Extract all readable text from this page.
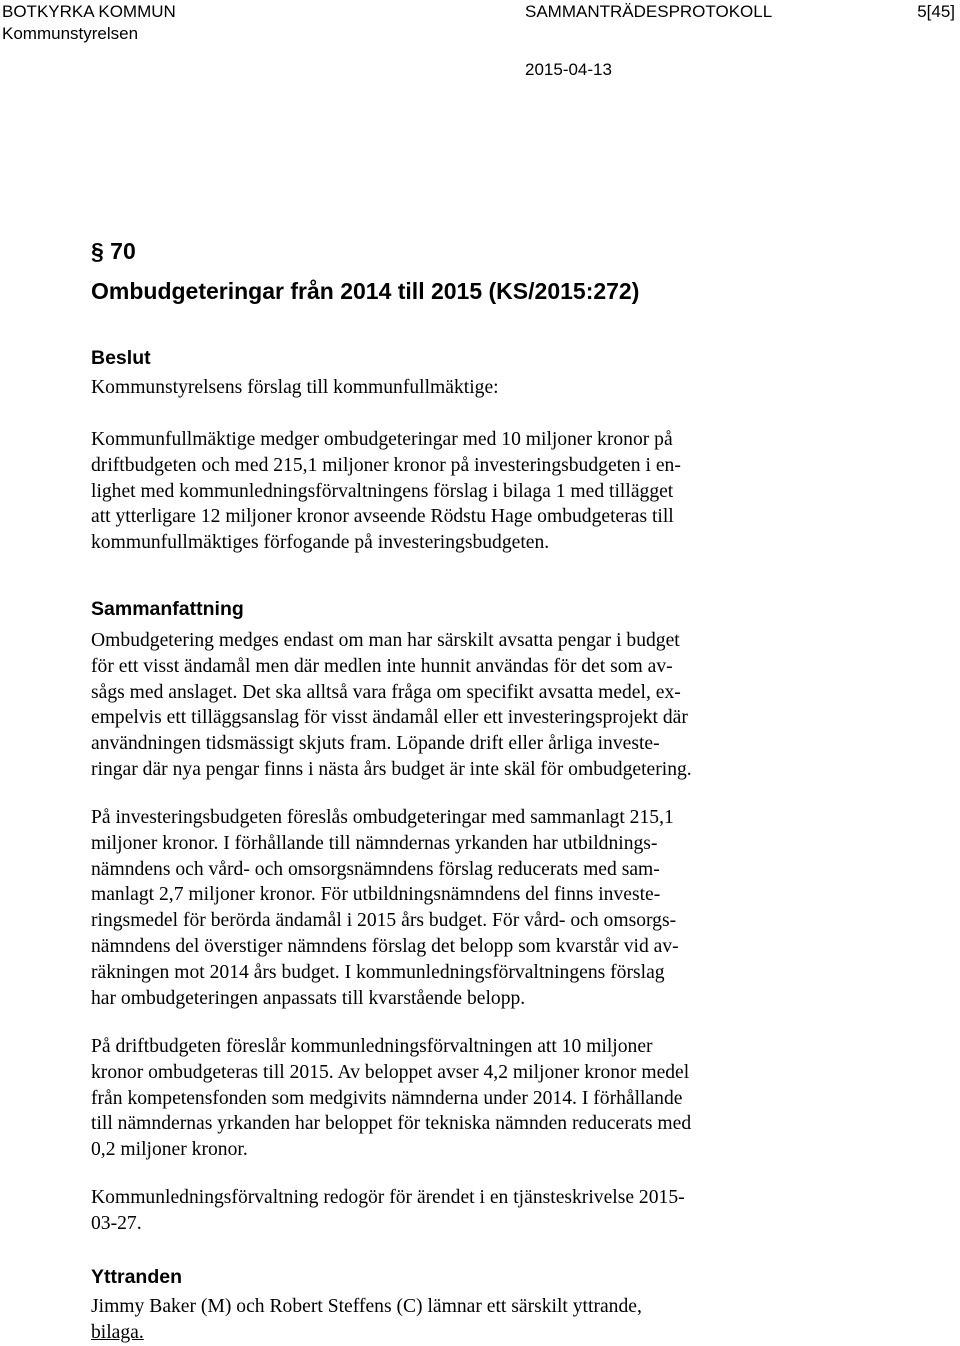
BOTKYRKA KOMMUN
Kommunstyrelsen
SAMMANTRÄDESPROTOKOLL	5[45]
2015-04-13
§ 70
Ombudgeteringar från 2014 till 2015 (KS/2015:272)
Beslut

Kommunstyrelsens förslag till kommunfullmäktige:

Kommunfullmäktige medger ombudgeteringar med 10 miljoner kronor på

driftbudgeten och med 215,1 miljoner kronor på investeringsbudgeten i en-

lighet med kommunledningsförvaltningens förslag i bilaga 1 med tillägget

att ytterligare 12 miljoner kronor avseende Rödstu Hage ombudgeteras till

kommunfullmäktiges förfogande på investeringsbudgeten.

Sammanfattning

Ombudgetering medges endast om man har särskilt avsatta pengar i budget

för ett visst ändamål men där medlen inte hunnit användas för det som av-

sågs med anslaget. Det ska alltså vara fråga om specifikt avsatta medel, ex-

empelvis ett tilläggsanslag för visst ändamål eller ett investeringsprojekt där

användningen tidsmässigt skjuts fram. Löpande drift eller årliga investe-

ringar där nya pengar finns i nästa års budget är inte skäl för ombudgetering.

På investeringsbudgeten föreslås ombudgeteringar med sammanlagt 215,1

miljoner kronor. I förhållande till nämndernas yrkanden har utbildnings-

nämndens och vård- och omsorgsnämndens förslag reducerats med sam-

manlagt 2,7 miljoner kronor. För utbildningsnämndens del finns investe-

ringsmedel för berörda ändamål i 2015 års budget. För vård- och omsorgs-

nämndens del överstiger nämndens förslag det belopp som kvarstår vid av-

räkningen mot 2014 års budget. I kommunledningsförvaltningens förslag

har ombudgeteringen anpassats till kvarstående belopp.

På driftbudgeten föreslår kommunledningsförvaltningen att 10 miljoner

kronor ombudgeteras till 2015. Av beloppet avser 4,2 miljoner kronor medel

från kompetensfonden som medgivits nämnderna under 2014. I förhållande

till nämndernas yrkanden har beloppet för tekniska nämnden reducerats med

0,2 miljoner kronor.

Kommunledningsförvaltning redogör för ärendet i en tjänsteskrivelse 2015-

03-27.

Yttranden

Jimmy Baker (M) och Robert Steffens (C) lämnar ett särskilt yttrande,

bilaga.
